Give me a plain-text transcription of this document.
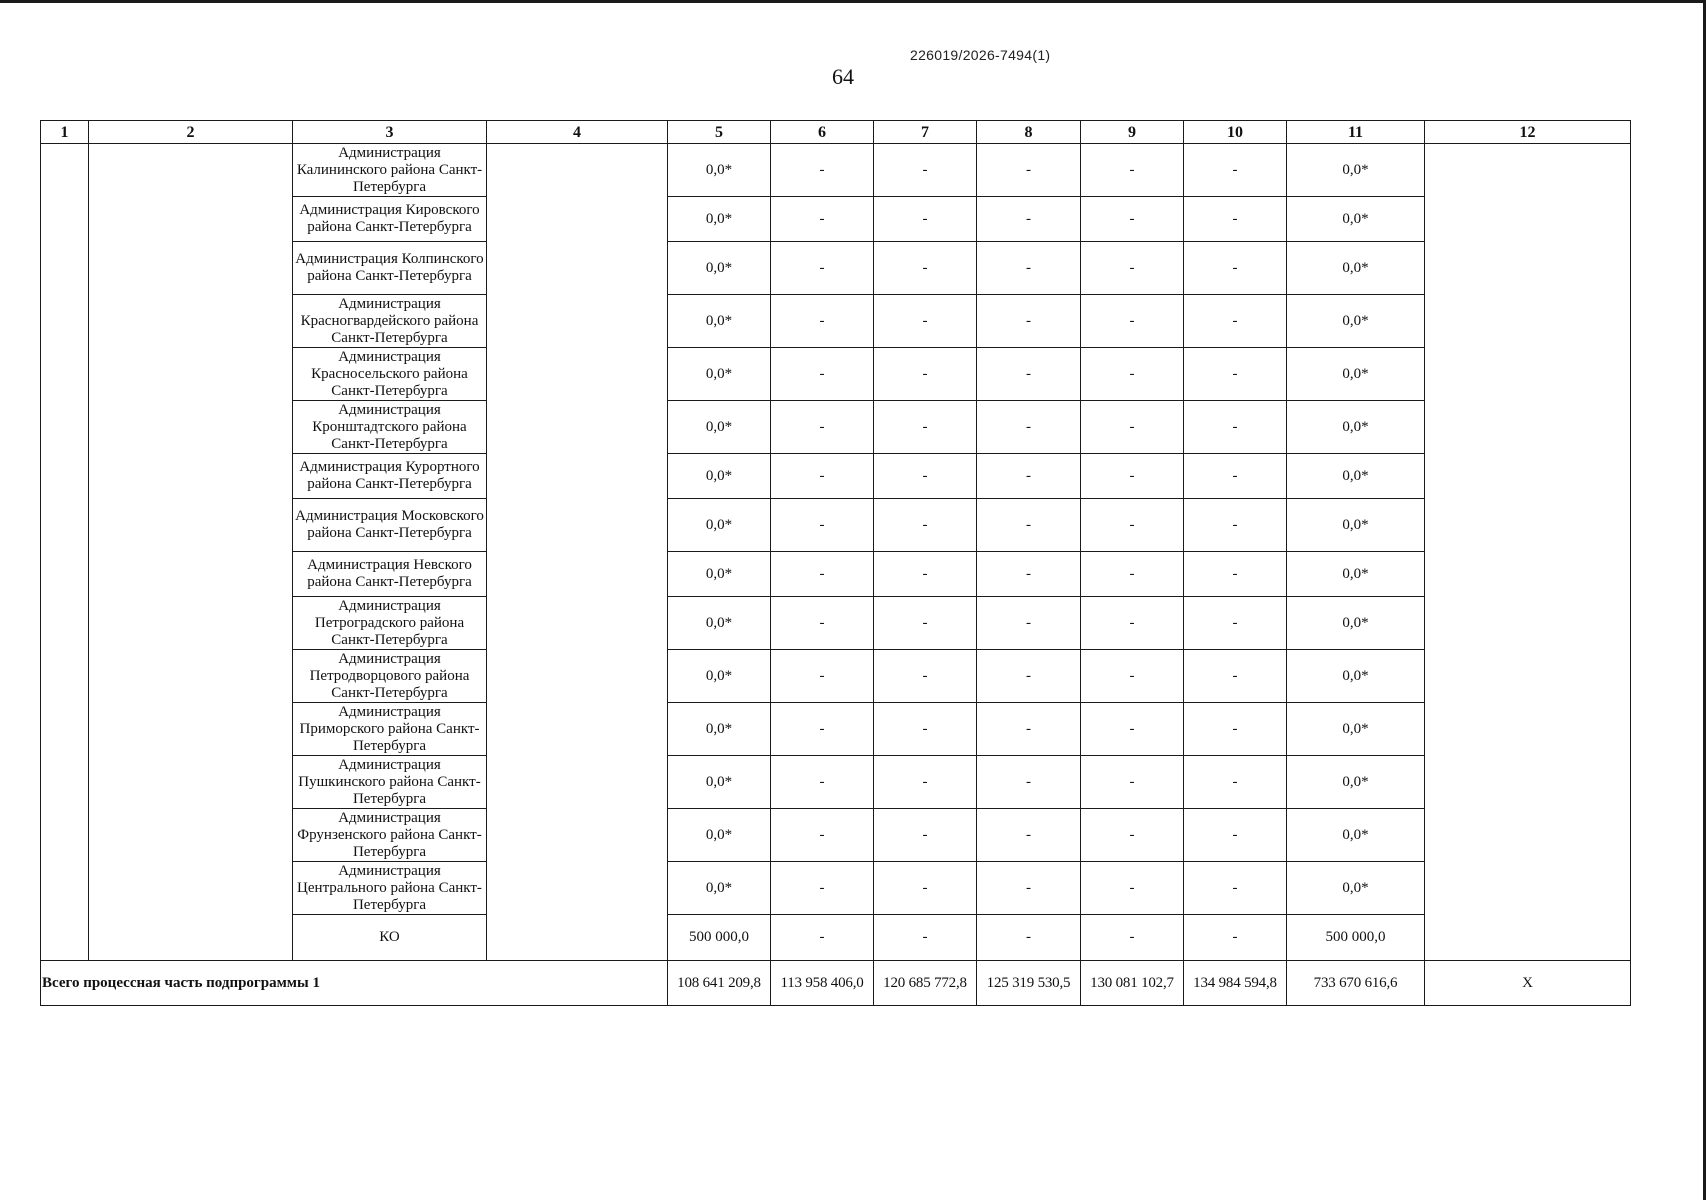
226019/2026-7494(1)
64
1	2	3	4	5	6	7	8	9	10	11	12
		Администрация Калининского района Санкт-Петербурга		0,0*	-	-	-	-	-	0,0*	
		Администрация Кировского района Санкт-Петербурга		0,0*	-	-	-	-	-	0,0*	
		Администрация Колпинского района Санкт-Петербурга		0,0*	-	-	-	-	-	0,0*	
		Администрация Красногвардейского района Санкт-Петербурга		0,0*	-	-	-	-	-	0,0*	
		Администрация Красносельского района Санкт-Петербурга		0,0*	-	-	-	-	-	0,0*	
		Администрация Кронштадтского района Санкт-Петербурга		0,0*	-	-	-	-	-	0,0*	
		Администрация Курортного района Санкт-Петербурга		0,0*	-	-	-	-	-	0,0*	
		Администрация Московского района Санкт-Петербурга		0,0*	-	-	-	-	-	0,0*	
		Администрация Невского района Санкт-Петербурга		0,0*	-	-	-	-	-	0,0*	
		Администрация Петроградского района Санкт-Петербурга		0,0*	-	-	-	-	-	0,0*	
		Администрация Петродворцового района Санкт-Петербурга		0,0*	-	-	-	-	-	0,0*	
		Администрация Приморского района Санкт-Петербурга		0,0*	-	-	-	-	-	0,0*	
		Администрация Пушкинского района Санкт-Петербурга		0,0*	-	-	-	-	-	0,0*	
		Администрация Фрунзенского района Санкт-Петербурга		0,0*	-	-	-	-	-	0,0*	
		Администрация Центрального района Санкт-Петербурга		0,0*	-	-	-	-	-	0,0*	
		КО		500 000,0	-	-	-	-	-	500 000,0	
Всего процессная часть подпрограммы 1				108 641 209,8	113 958 406,0	120 685 772,8	125 319 530,5	130 081 102,7	134 984 594,8	733 670 616,6	Х
